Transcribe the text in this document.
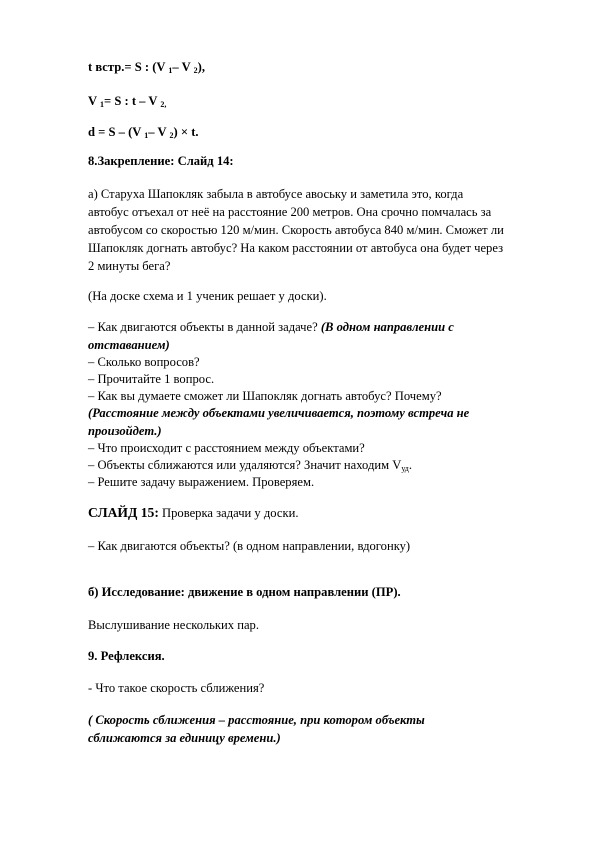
t встр.= S : (V $_1$– V $_2$),
V $_1$= S : t – V $_{2,}$
d = S – (V $_1$– V $_2$) × t.
8.Закрепление: Слайд 14:
а) Старуха Шапокляк забыла в автобусе авоську и заметила это, когда
автобус отъехал от неё на расстояние 200 метров. Она срочно помчалась за
автобусом со скоростью 120 м/мин. Скорость автобуса 840 м/мин. Сможет ли
Шапокляк догнать автобус? На каком расстоянии от автобуса она будет через
2 минуты бега?
(На доске схема и 1 ученик решает у доски).
– Как двигаются объекты в данной задаче? (В одном направлении с
отставанием)
– Сколько вопросов?
– Прочитайте 1 вопрос.
– Как вы думаете сможет ли Шапокляк догнать автобус? Почему?
(Расстояние между объектами увеличивается, поэтому встреча не
произойдет.)
– Что происходит с расстоянием между объектами?
– Объекты сближаются или удаляются? Значит находим $V_{уд}$.
– Решите задачу выражением. Проверяем.
СЛАЙД 15: Проверка задачи у доски.
– Как двигаются объекты? (в одном направлении, вдогонку)
б) Исследование: движение в одном направлении (ПР).
Выслушивание нескольких пар.
9. Рефлексия.
- Что такое скорость сближения?
( Скорость сближения – расстояние, при котором объекты
сближаются за единицу времени.)
